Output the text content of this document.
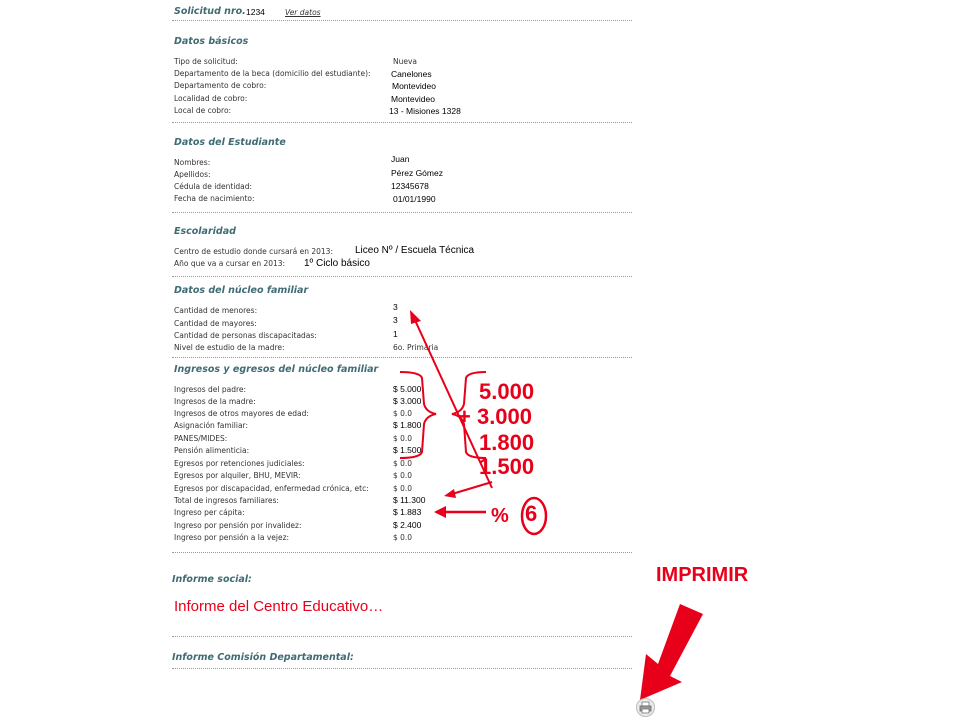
Solicitud nro. 1234	Ver datos
Datos básicos
Tipo de solicitud:	Nueva
Departamento de la beca (domicilio del estudiante): Canelones
Departamento de cobro:	Montevideo
Localidad de cobro:	Montevideo
Local de cobro:	13 - Misiones 1328
Datos del Estudiante
Nombres:	Juan
Apellidos:	Pérez Gómez
Cédula de identidad:	12345678
Fecha de nacimiento:	01/01/1990
Escolaridad
Centro de estudio donde cursará en 2013: Liceo Nº / Escuela Técnica
Año que va a cursar en 2013: 1º Ciclo básico
Datos del núcleo familiar
Cantidad de menores:	3
Cantidad de mayores:	3
Cantidad de personas discapacitadas:	1
Nivel de estudio de la madre:	6o. Primaria
Ingresos y egresos del núcleo familiar
Ingresos del padre:	$ 5.000
Ingresos de la madre:	$ 3.000
Ingresos de otros mayores de edad:	$ 0.0
Asignación familiar:	$ 1.800
PANES/MIDES:	$ 0.0
Pensión alimenticia:	$ 1.500
Egresos por retenciones judiciales:	$ 0.0
Egresos por alquiler, BHU, MEVIR:	$ 0.0
Egresos por discapacidad, enfermedad crónica, etc:	$ 0.0
Total de ingresos familiares:	$ 11.300
Ingreso per cápita:	$ 1.883
Ingreso por pensión por invalidez:	$ 2.400
Ingreso por pensión a la vejez:	$ 0.0
Informe social:
Informe del Centro Educativo…
Informe Comisión Departamental:
5.000
+ 3.000
1.800
1.500
% 6
IMPRIMIR
